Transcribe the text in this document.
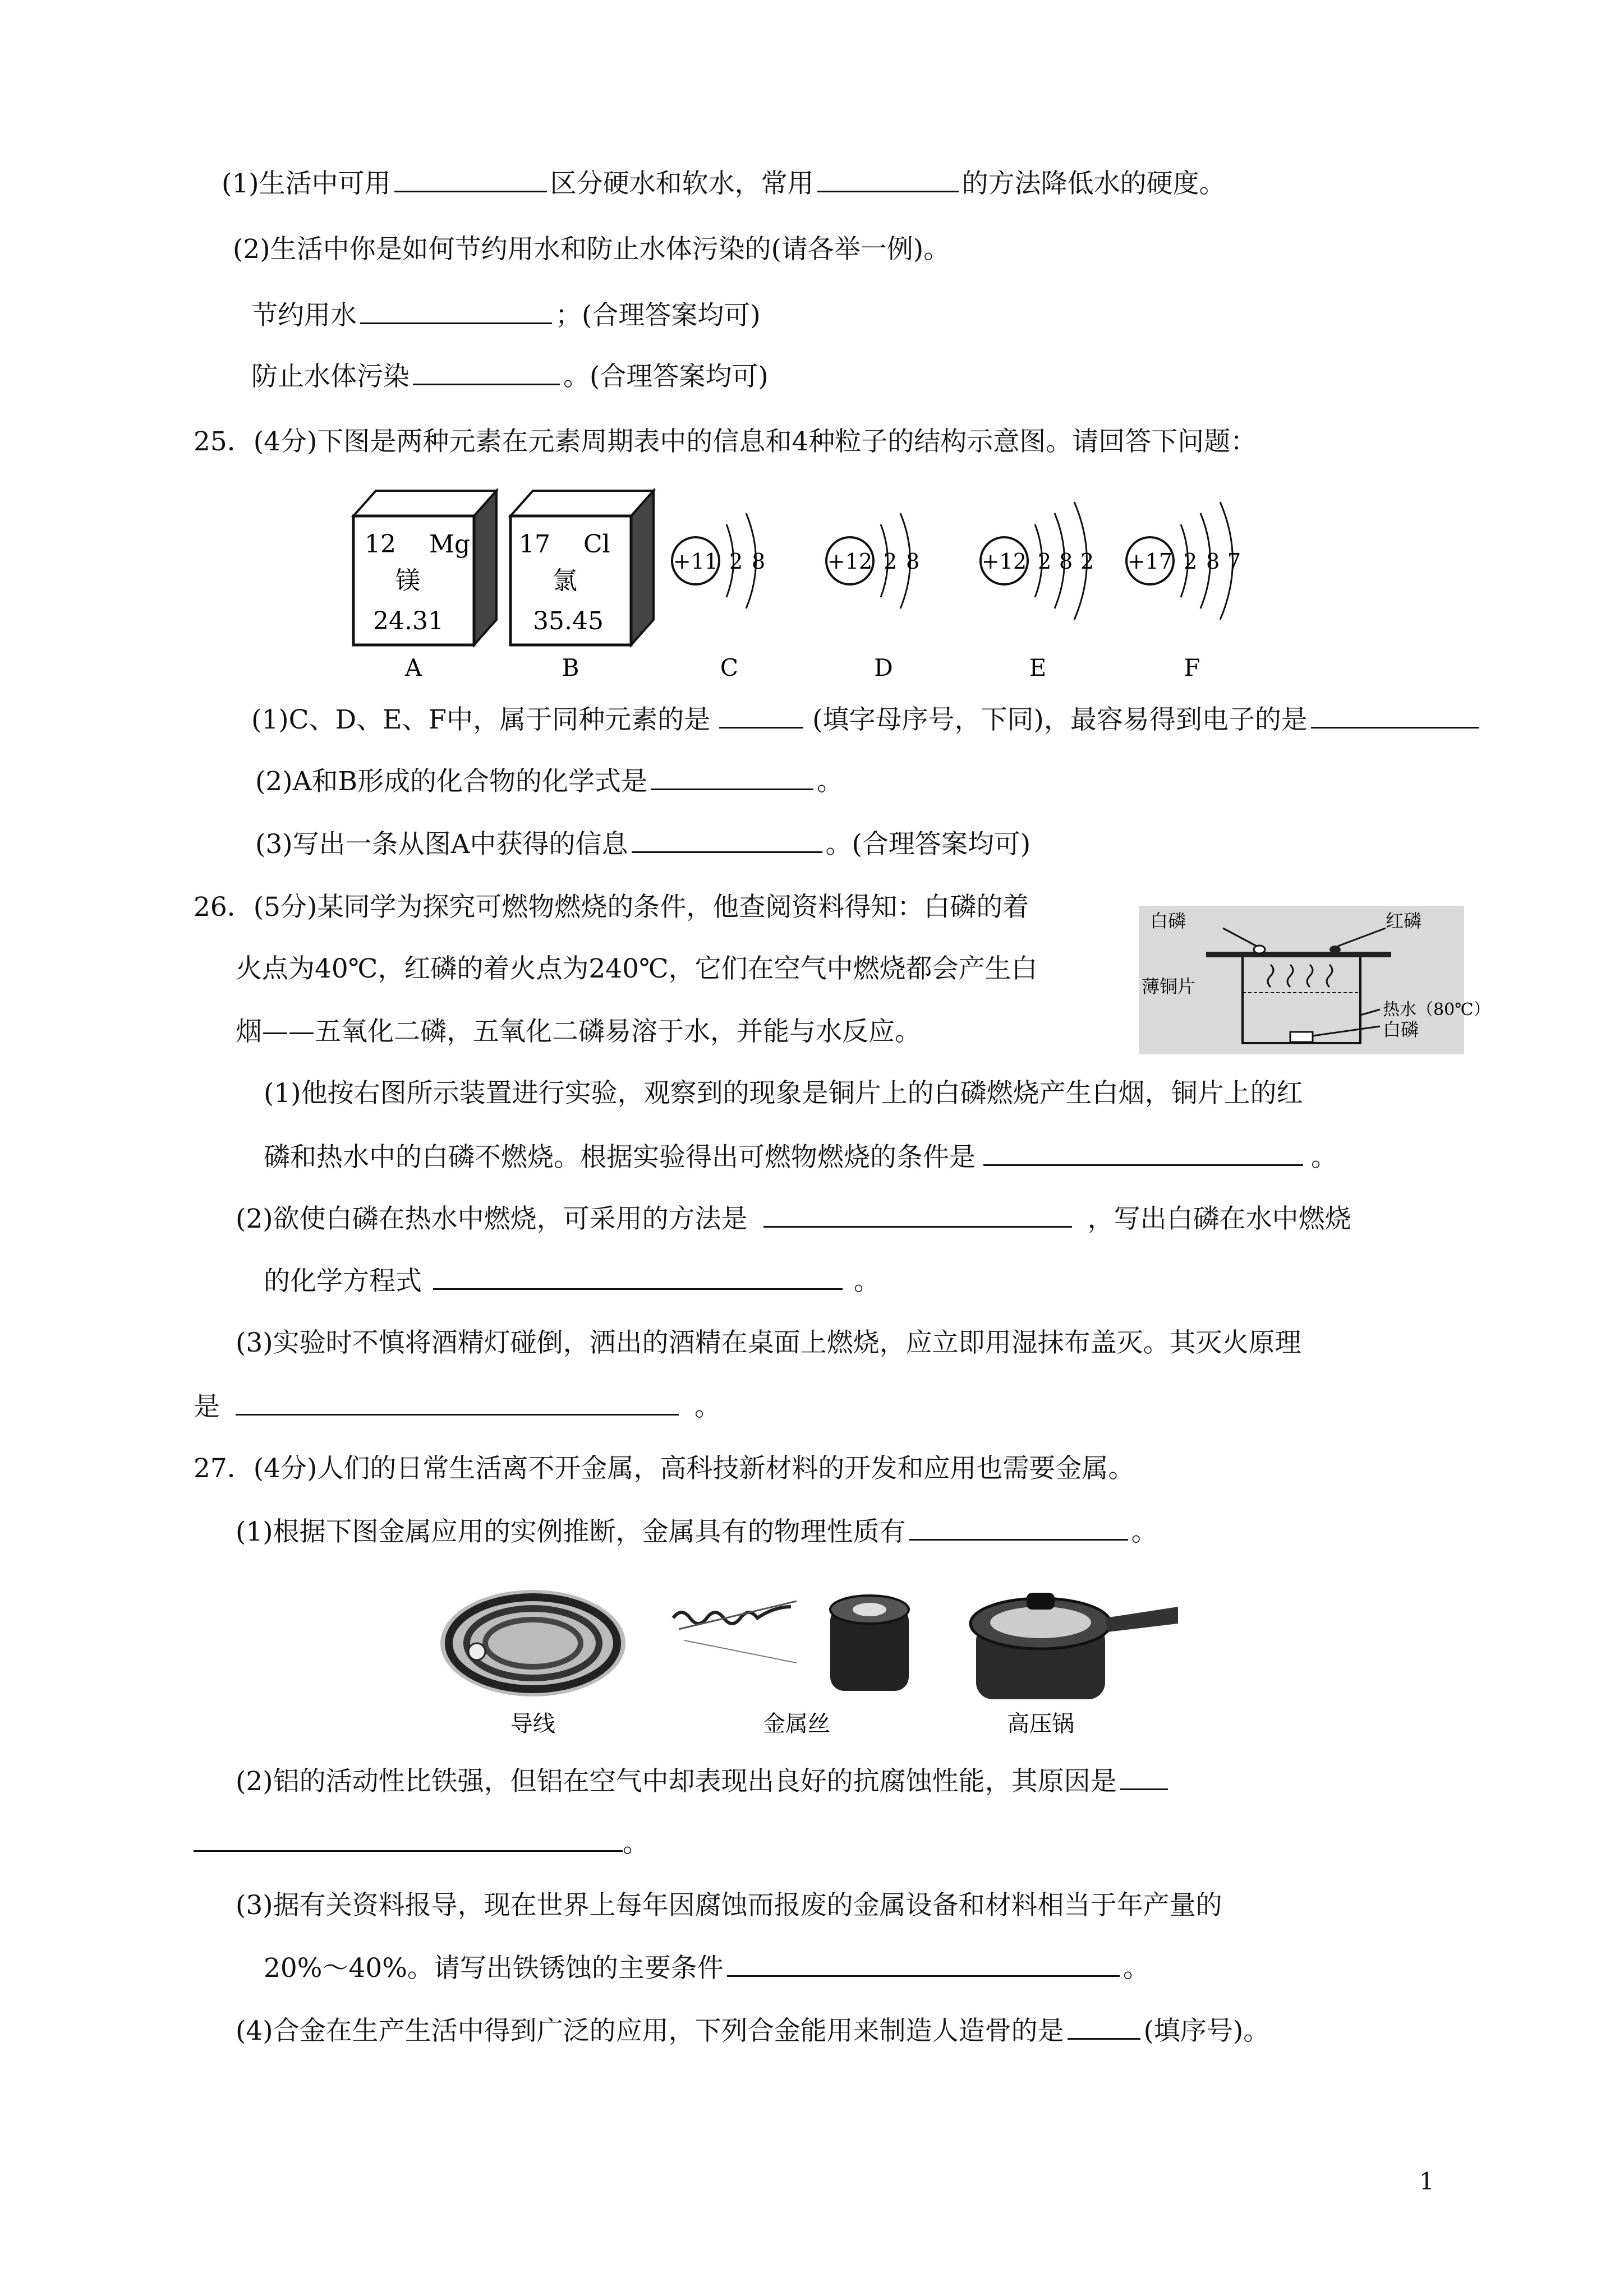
(1)生活中可用	区分硬水和软水，常用	的方法降低水的硬度。
(2)生活中你是如何节约用水和防止水体污染的(请各举一例)。
节约用水	；(合理答案均可)
防止水体污染	。(合理答案均可)
25．(4分)下图是两种元素在元素周期表中的信息和4种粒子的结构示意图。请回答下问题：
12 Mg
镁
24.31
17 Cl
氯
35.45
+11 2 8	+12 2 8	+12 2 8 2 +17 2 8 7
A	B	C	D	E	F
(1)C、D、E、F中，属于同种元素的是	(填字母序号，下同)，最容易得到电子的是
(2)A和B形成的化合物的化学式是	。
(3)写出一条从图A中获得的信息	。(合理答案均可)
26．(5分)某同学为探究可燃物燃烧的条件，他查阅资料得知：白磷的着
火点为40℃，红磷的着火点为240℃，它们在空气中燃烧都会产生白
烟——五氧化二磷，五氧化二磷易溶于水，并能与水反应。
白磷	红磷
薄铜片
热水（80℃）
白磷
(1)他按右图所示装置进行实验，观察到的现象是铜片上的白磷燃烧产生白烟，铜片上的红
磷和热水中的白磷不燃烧。根据实验得出可燃物燃烧的条件是	。
(2)欲使白磷在热水中燃烧，可采用的方法是	，写出白磷在水中燃烧
的化学方程式	。
(3)实验时不慎将酒精灯碰倒，洒出的酒精在桌面上燃烧，应立即用湿抹布盖灭。其灭火原理
是	。
27．(4分)人们的日常生活离不开金属，高科技新材料的开发和应用也需要金属。
(1)根据下图金属应用的实例推断，金属具有的物理性质有	。
导线	金属丝	高压锅
(2)铝的活动性比铁强，但铝在空气中却表现出良好的抗腐蚀性能，其原因是
。
(3)据有关资料报导，现在世界上每年因腐蚀而报废的金属设备和材料相当于年产量的
20%～40%。请写出铁锈蚀的主要条件	。
(4)合金在生产生活中得到广泛的应用，下列合金能用来制造人造骨的是	(填序号)。
1
